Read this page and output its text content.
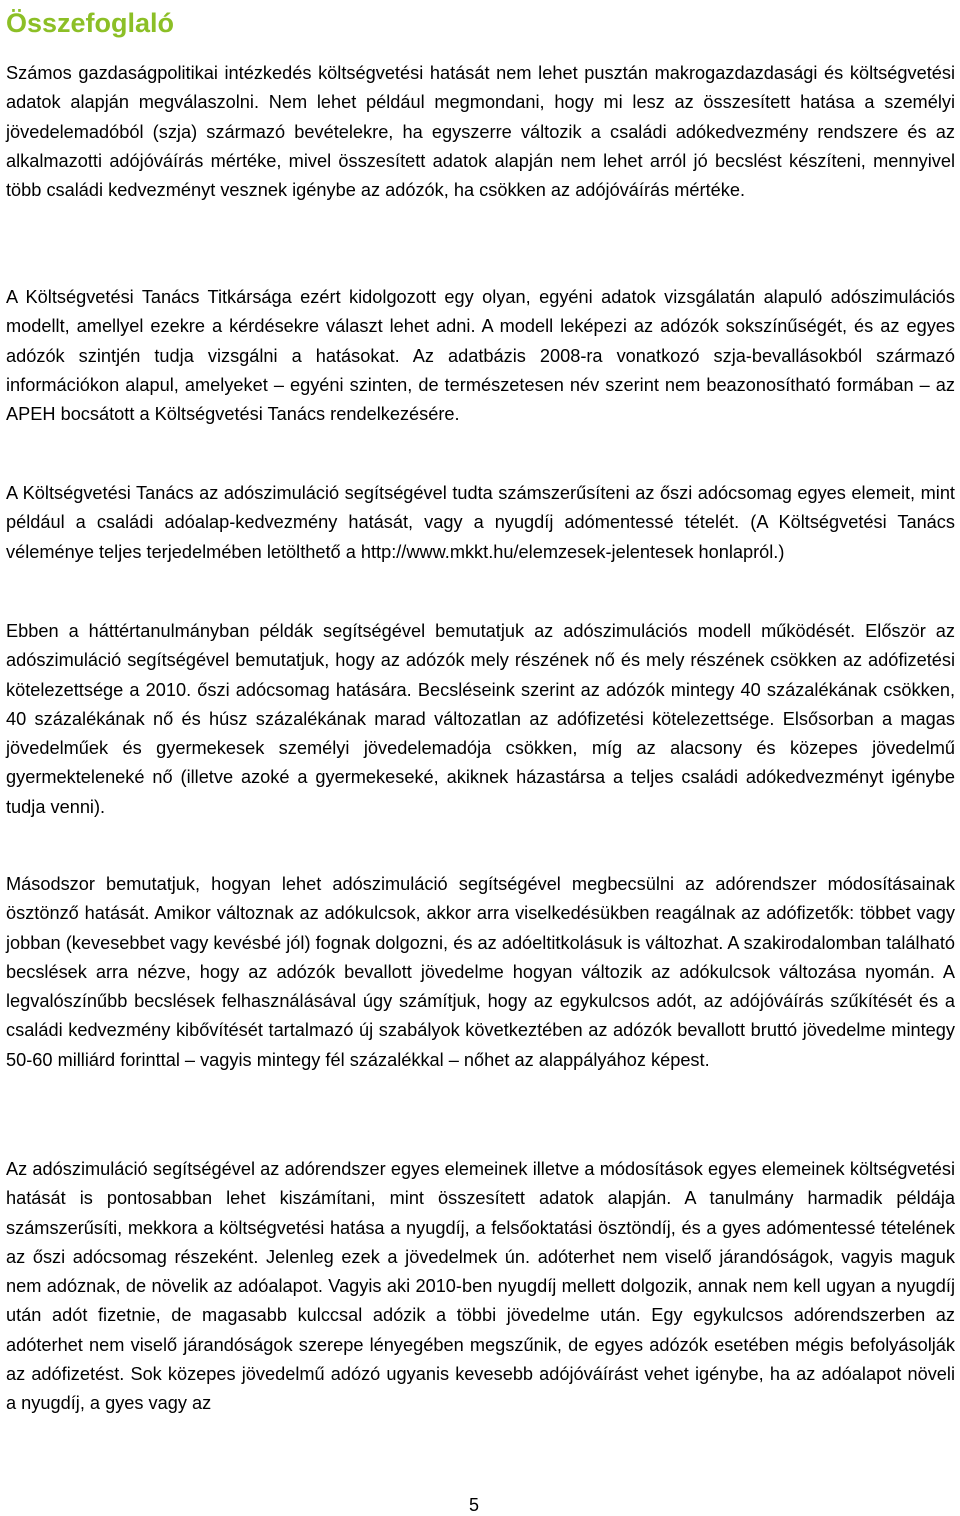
Összefoglaló

Számos gazdaságpolitikai intézkedés költségvetési hatását nem lehet pusztán makrogazdazdasági és költségvetési adatok alapján megválaszolni. Nem lehet például megmondani, hogy mi lesz az összesített hatása a személyi jövedelemadóból (szja) származó bevételekre, ha egyszerre változik a családi adókedvezmény rendszere és az alkalmazotti adójóváírás mértéke, mivel összesített adatok alapján nem lehet arról jó becslést készíteni, mennyivel több családi kedvezményt vesznek igénybe az adózók, ha csökken az adójóváírás mértéke.

A Költségvetési Tanács Titkársága ezért kidolgozott egy olyan, egyéni adatok vizsgálatán alapuló adószimulációs modellt, amellyel ezekre a kérdésekre választ lehet adni. A modell leképezi az adózók sokszínűségét, és az egyes adózók szintjén tudja vizsgálni a hatásokat. Az adatbázis 2008-ra vonatkozó szja-bevallásokból származó információkon alapul, amelyeket – egyéni szinten, de természetesen név szerint nem beazonosítható formában – az APEH bocsátott a Költségvetési Tanács rendelkezésére.

A Költségvetési Tanács az adószimuláció segítségével tudta számszerűsíteni az őszi adócsomag egyes elemeit, mint például a családi adóalap-kedvezmény hatását, vagy a nyugdíj adómentessé tételét. (A Költségvetési Tanács véleménye teljes terjedelmében letölthető a http://www.mkkt.hu/elemzesek-jelentesek honlapról.)

Ebben a háttértanulmányban példák segítségével bemutatjuk az adószimulációs modell működését. Először az adószimuláció segítségével bemutatjuk, hogy az adózók mely részének nő és mely részének csökken az adófizetési kötelezettsége a 2010. őszi adócsomag hatására. Becsléseink szerint az adózók mintegy 40 százalékának csökken, 40 százalékának nő és húsz százalékának marad változatlan az adófizetési kötelezettsége. Elsősorban a magas jövedelműek és gyermekesek személyi jövedelemadója csökken, míg az alacsony és közepes jövedelmű gyermekteleneké nő (illetve azoké a gyermekeseké, akiknek házastársa a teljes családi adókedvezményt igénybe tudja venni).

Másodszor bemutatjuk, hogyan lehet adószimuláció segítségével megbecsülni az adórendszer módosításainak ösztönző hatását. Amikor változnak az adókulcsok, akkor arra viselkedésükben reagálnak az adófizetők: többet vagy jobban (kevesebbet vagy kevésbé jól) fognak dolgozni, és az adóeltitkolásuk is változhat. A szakirodalomban található becslések arra nézve, hogy az adózók bevallott jövedelme hogyan változik az adókulcsok változása nyomán. A legvalószínűbb becslések felhasználásával úgy számítjuk, hogy az egykulcsos adót, az adójóváírás szűkítését és a családi kedvezmény kibővítését tartalmazó új szabályok következtében az adózók bevallott bruttó jövedelme mintegy 50-60 milliárd forinttal – vagyis mintegy fél százalékkal – nőhet az alappályához képest.

Az adószimuláció segítségével az adórendszer egyes elemeinek illetve a módosítások egyes elemeinek költségvetési hatását is pontosabban lehet kiszámítani, mint összesített adatok alapján. A tanulmány harmadik példája számszerűsíti, mekkora a költségvetési hatása a nyugdíj, a felsőoktatási ösztöndíj, és a gyes adómentessé tételének az őszi adócsomag részeként. Jelenleg ezek a jövedelmek ún. adóterhet nem viselő járandóságok, vagyis maguk nem adóznak, de növelik az adóalapot. Vagyis aki 2010-ben nyugdíj mellett dolgozik, annak nem kell ugyan a nyugdíj után adót fizetnie, de magasabb kulccsal adózik a többi jövedelme után. Egy egykulcsos adórendszerben az adóterhet nem viselő járandóságok szerepe lényegében megszűnik, de egyes adózók esetében mégis befolyásolják az adófizetést. Sok közepes jövedelmű adózó ugyanis kevesebb adójóváírást vehet igénybe, ha az adóalapot növeli a nyugdíj, a gyes vagy az

5
